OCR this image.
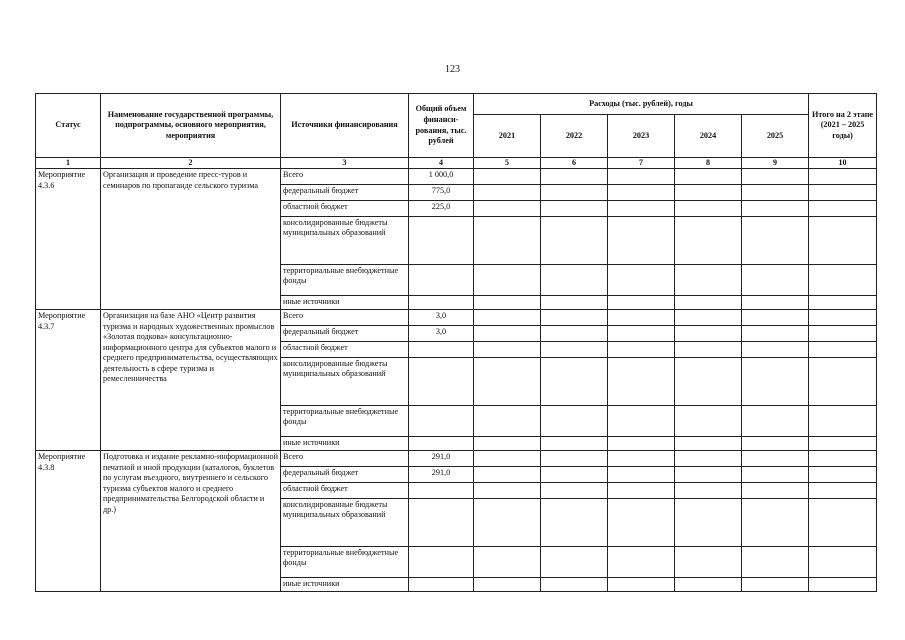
123
Статус	Наименование государственной программы, подпрограммы, основного мероприятия, мероприятия	Источники финансирования	Общий объем финанси-рования, тыс. рублей	Расходы (тыс. рублей), годы					Итого на 2 этапе (2021 – 2025 годы)
				2021	2022	2023	2024	2025	
1	2	3	4	5	6	7	8	9	10
Мероприятие 4.3.6	Организация и проведение пресс-туров и семинаров по пропаганде сельского туризма	Всего	1 000,0						
		федеральный бюджет	775,0						
		областной бюджет	225,0						
		консолидированные бюджеты муниципальных образований							
		территориальные внебюджетные фонды							
		иные источники							
Мероприятие 4.3.7	Организация на базе АНО «Центр развития туризма и народных художественных промыслов «Золотая подкова» консультационно-информационного центра для субъектов малого и среднего предпринимательства, осуществляющих деятельность в сфере туризма и ремесленничества	Всего	3,0						
		федеральный бюджет	3,0						
		областной бюджет							
		консолидированные бюджеты муниципальных образований							
		территориальные внебюджетные фонды							
		иные источники							
Мероприятие 4.3.8	Подготовка и издание рекламно-информационной печатной и иной продукции (каталогов, буклетов по услугам въездного, внутреннего и сельского туризма субъектов малого и среднего предпринимательства Белгородской области и др.)	Всего	291,0						
		федеральный бюджет	291,0						
		областной бюджет							
		консолидированные бюджеты муниципальных образований							
		территориальные внебюджетные фонды							
		иные источники							
